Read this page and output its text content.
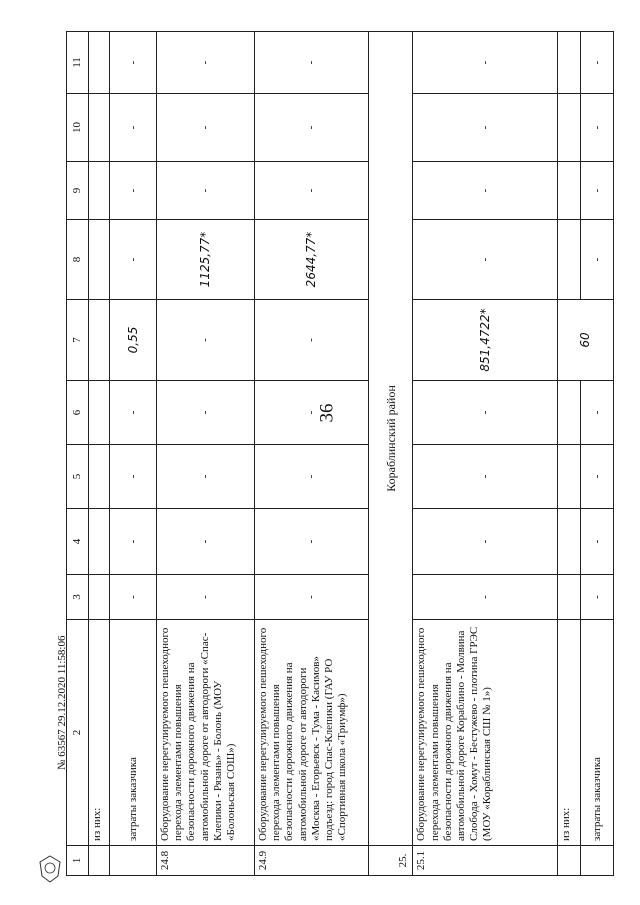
36
№ 63567 29.12.2020 11:58:06
1	2	3	4	5	6	7	8	9	10	11
	из них:									
	затраты заказчика	-	-	-	-	0,55	-	-	-	-
24.8	Оборудование нерегулируемого пешеходного перехода элементами повышения безопасности дорожного движения на автомобильной дороге от автодороги «Спас-Клепики - Рязань» - Болонь (МОУ «Болоньская СОШ»)	-	-	-	-	-	1125,77*	-	-	-
24.9	Оборудование нерегулируемого пешеходного перехода элементами повышения безопасности дорожного движения на автомобильной дороге от автодороги «Москва - Егорьевск - Тума - Касимов» подъезд: город Спас-Клепики (ГАУ РО «Спортивная школа «Триумф»)	-	-	-	-	-	2644,77*	-	-	-
25.	Кораблинский район									
25.1	Оборудование нерегулируемого пешеходного перехода элементами повышения безопасности дорожного движения на автомобильной дороге Кораблино - Молвина Слобода - Хомут - Бестужево - плотина ГРЭС (МОУ «Кораблинская СШ № 1»)	-	-	-	-	851,4722*	-	-	-	-
	из них:					60				
	затраты заказчика	-	-	-	-		-	-	-	-
